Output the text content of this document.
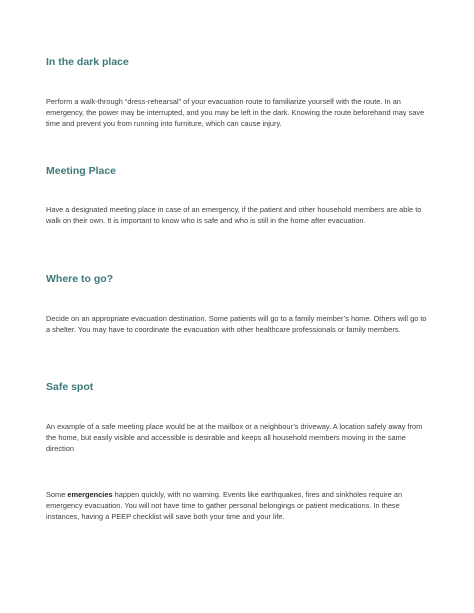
In the dark place

Perform a walk-through “dress-rehearsal” of your evacuation route to familiarize yourself with the route. In an emergency, the power may be interrupted, and you may be left in the dark. Knowing the route beforehand may save time and prevent you from running into furniture, which can cause injury.

Meeting Place

Have a designated meeting place in case of an emergency, if the patient and other household members are able to walk on their own. It is important to know who is safe and who is still in the home after evacuation.

Where to go?

Decide on an appropriate evacuation destination. Some patients will go to a family member’s home. Others will go to a shelter. You may have to coordinate the evacuation with other healthcare professionals or family members.

Safe spot

An example of a safe meeting place would be at the mailbox or a neighbour’s driveway. A location safely away from the home, but easily visible and accessible is desirable and keeps all household members moving in the same direction

Some emergencies happen quickly, with no warning. Events like earthquakes, fires and sinkholes require an emergency evacuation. You will not have time to gather personal belongings or patient medications. In these instances, having a PEEP checklist will save both your time and your life.
